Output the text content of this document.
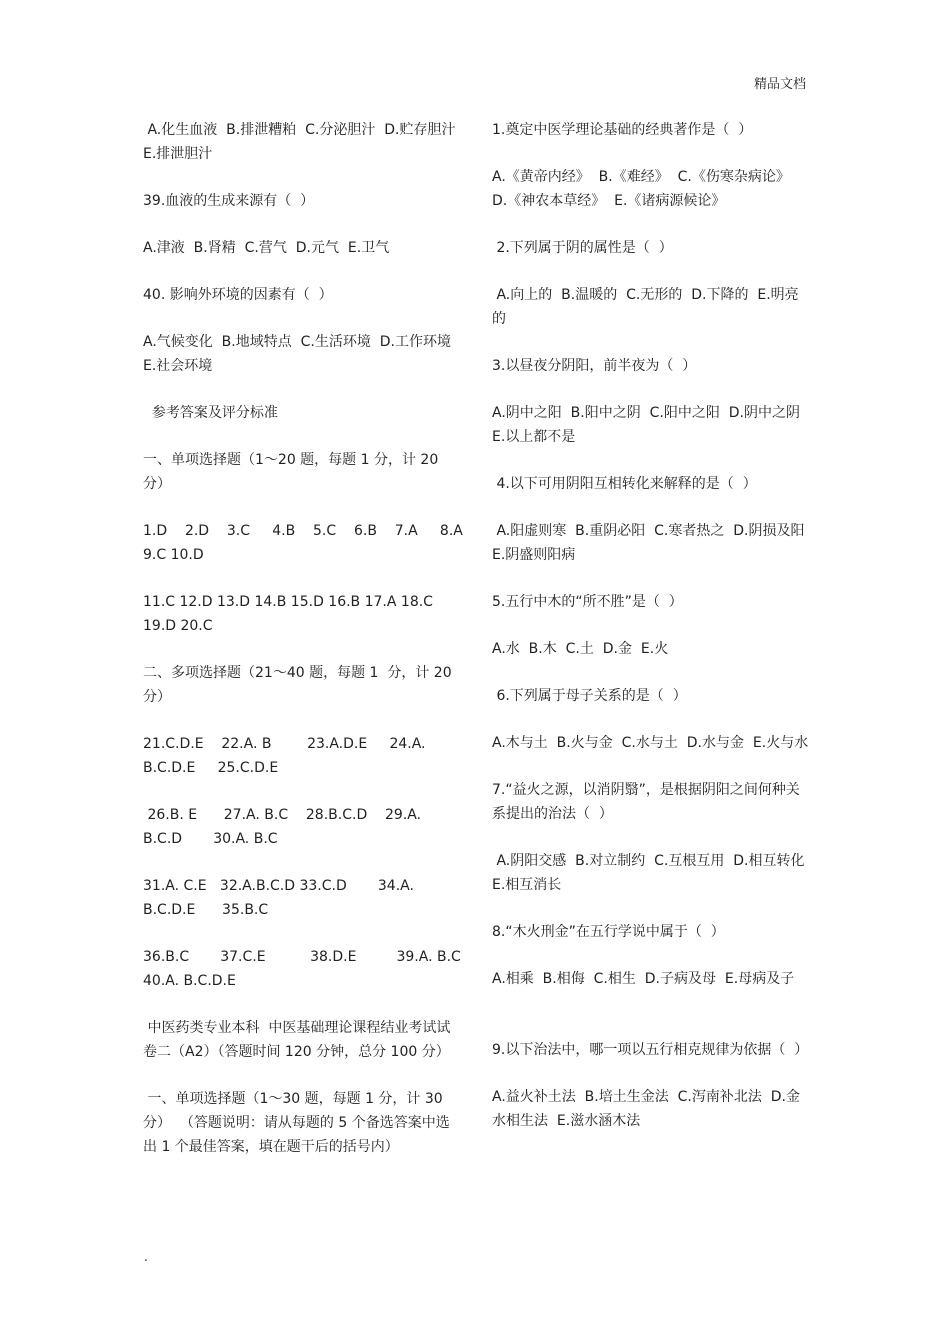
精品文档

A.化生血液  B.排泄糟粕  C.分泌胆汁  D.贮存胆汁  E.排泄胆汁

39.血液的生成来源有（  ）

A.津液  B.肾精  C.营气  D.元气  E.卫气

40. 影响外环境的因素有（  ）

A.气候变化  B.地域特点  C.生活环境  D.工作环境  E.社会环境

参考答案及评分标准

一、单项选择题（1～20 题，每题 1 分，计 20 分）

1.D    2.D    3.C     4.B    5.C    6.B    7.A     8.A    9.C 10.D

11.C 12.D 13.D 14.B 15.D 16.B 17.A 18.C 19.D 20.C

二、多项选择题（21～40 题，每题 1  分，计 20 分）

21.C.D.E    22.A. B        23.A.D.E     24.A. B.C.D.E     25.C.D.E

26.B. E      27.A. B.C    28.B.C.D    29.A. B.C.D       30.A. B.C

31.A. C.E   32.A.B.C.D 33.C.D       34.A. B.C.D.E      35.B.C

36.B.C       37.C.E          38.D.E         39.A. B.C                40.A. B.C.D.E

中医药类专业本科  中医基础理论课程结业考试试卷二（A2）（答题时间 120 分钟，总分 100 分）

一、单项选择题（1～30 题，每题 1 分，计 30 分）  （答题说明：请从每题的 5 个备选答案中选出 1 个最佳答案，填在题干后的括号内）

1.奠定中医学理论基础的经典著作是（  ）

A.《黄帝内经》  B.《难经》  C.《伤寒杂病论》  D.《神农本草经》  E.《诸病源候论》

2.下列属于阴的属性是（  ）

A.向上的  B.温暖的  C.无形的  D.下降的  E.明亮的

3.以昼夜分阴阳，前半夜为（  ）

A.阴中之阳  B.阳中之阴  C.阳中之阳  D.阴中之阴  E.以上都不是

4.以下可用阴阳互相转化来解释的是（  ）

A.阳虚则寒  B.重阴必阳  C.寒者热之  D.阴损及阳  E.阴盛则阳病

5.五行中木的“所不胜”是（  ）

A.水  B.木  C.土  D.金  E.火

6.下列属于母子关系的是（  ）

A.木与土  B.火与金  C.水与土  D.水与金  E.火与水

7.“益火之源，以消阴翳”，是根据阴阳之间何种关系提出的治法（  ）

A.阴阳交感  B.对立制约  C.互根互用  D.相互转化  E.相互消长

8.“木火刑金”在五行学说中属于（  ）

A.相乘  B.相侮  C.相生  D.子病及母  E.母病及子

9.以下治法中，哪一项以五行相克规律为依据（  ）

A.益火补土法  B.培土生金法  C.泻南补北法  D.金水相生法  E.滋水涵木法

.
